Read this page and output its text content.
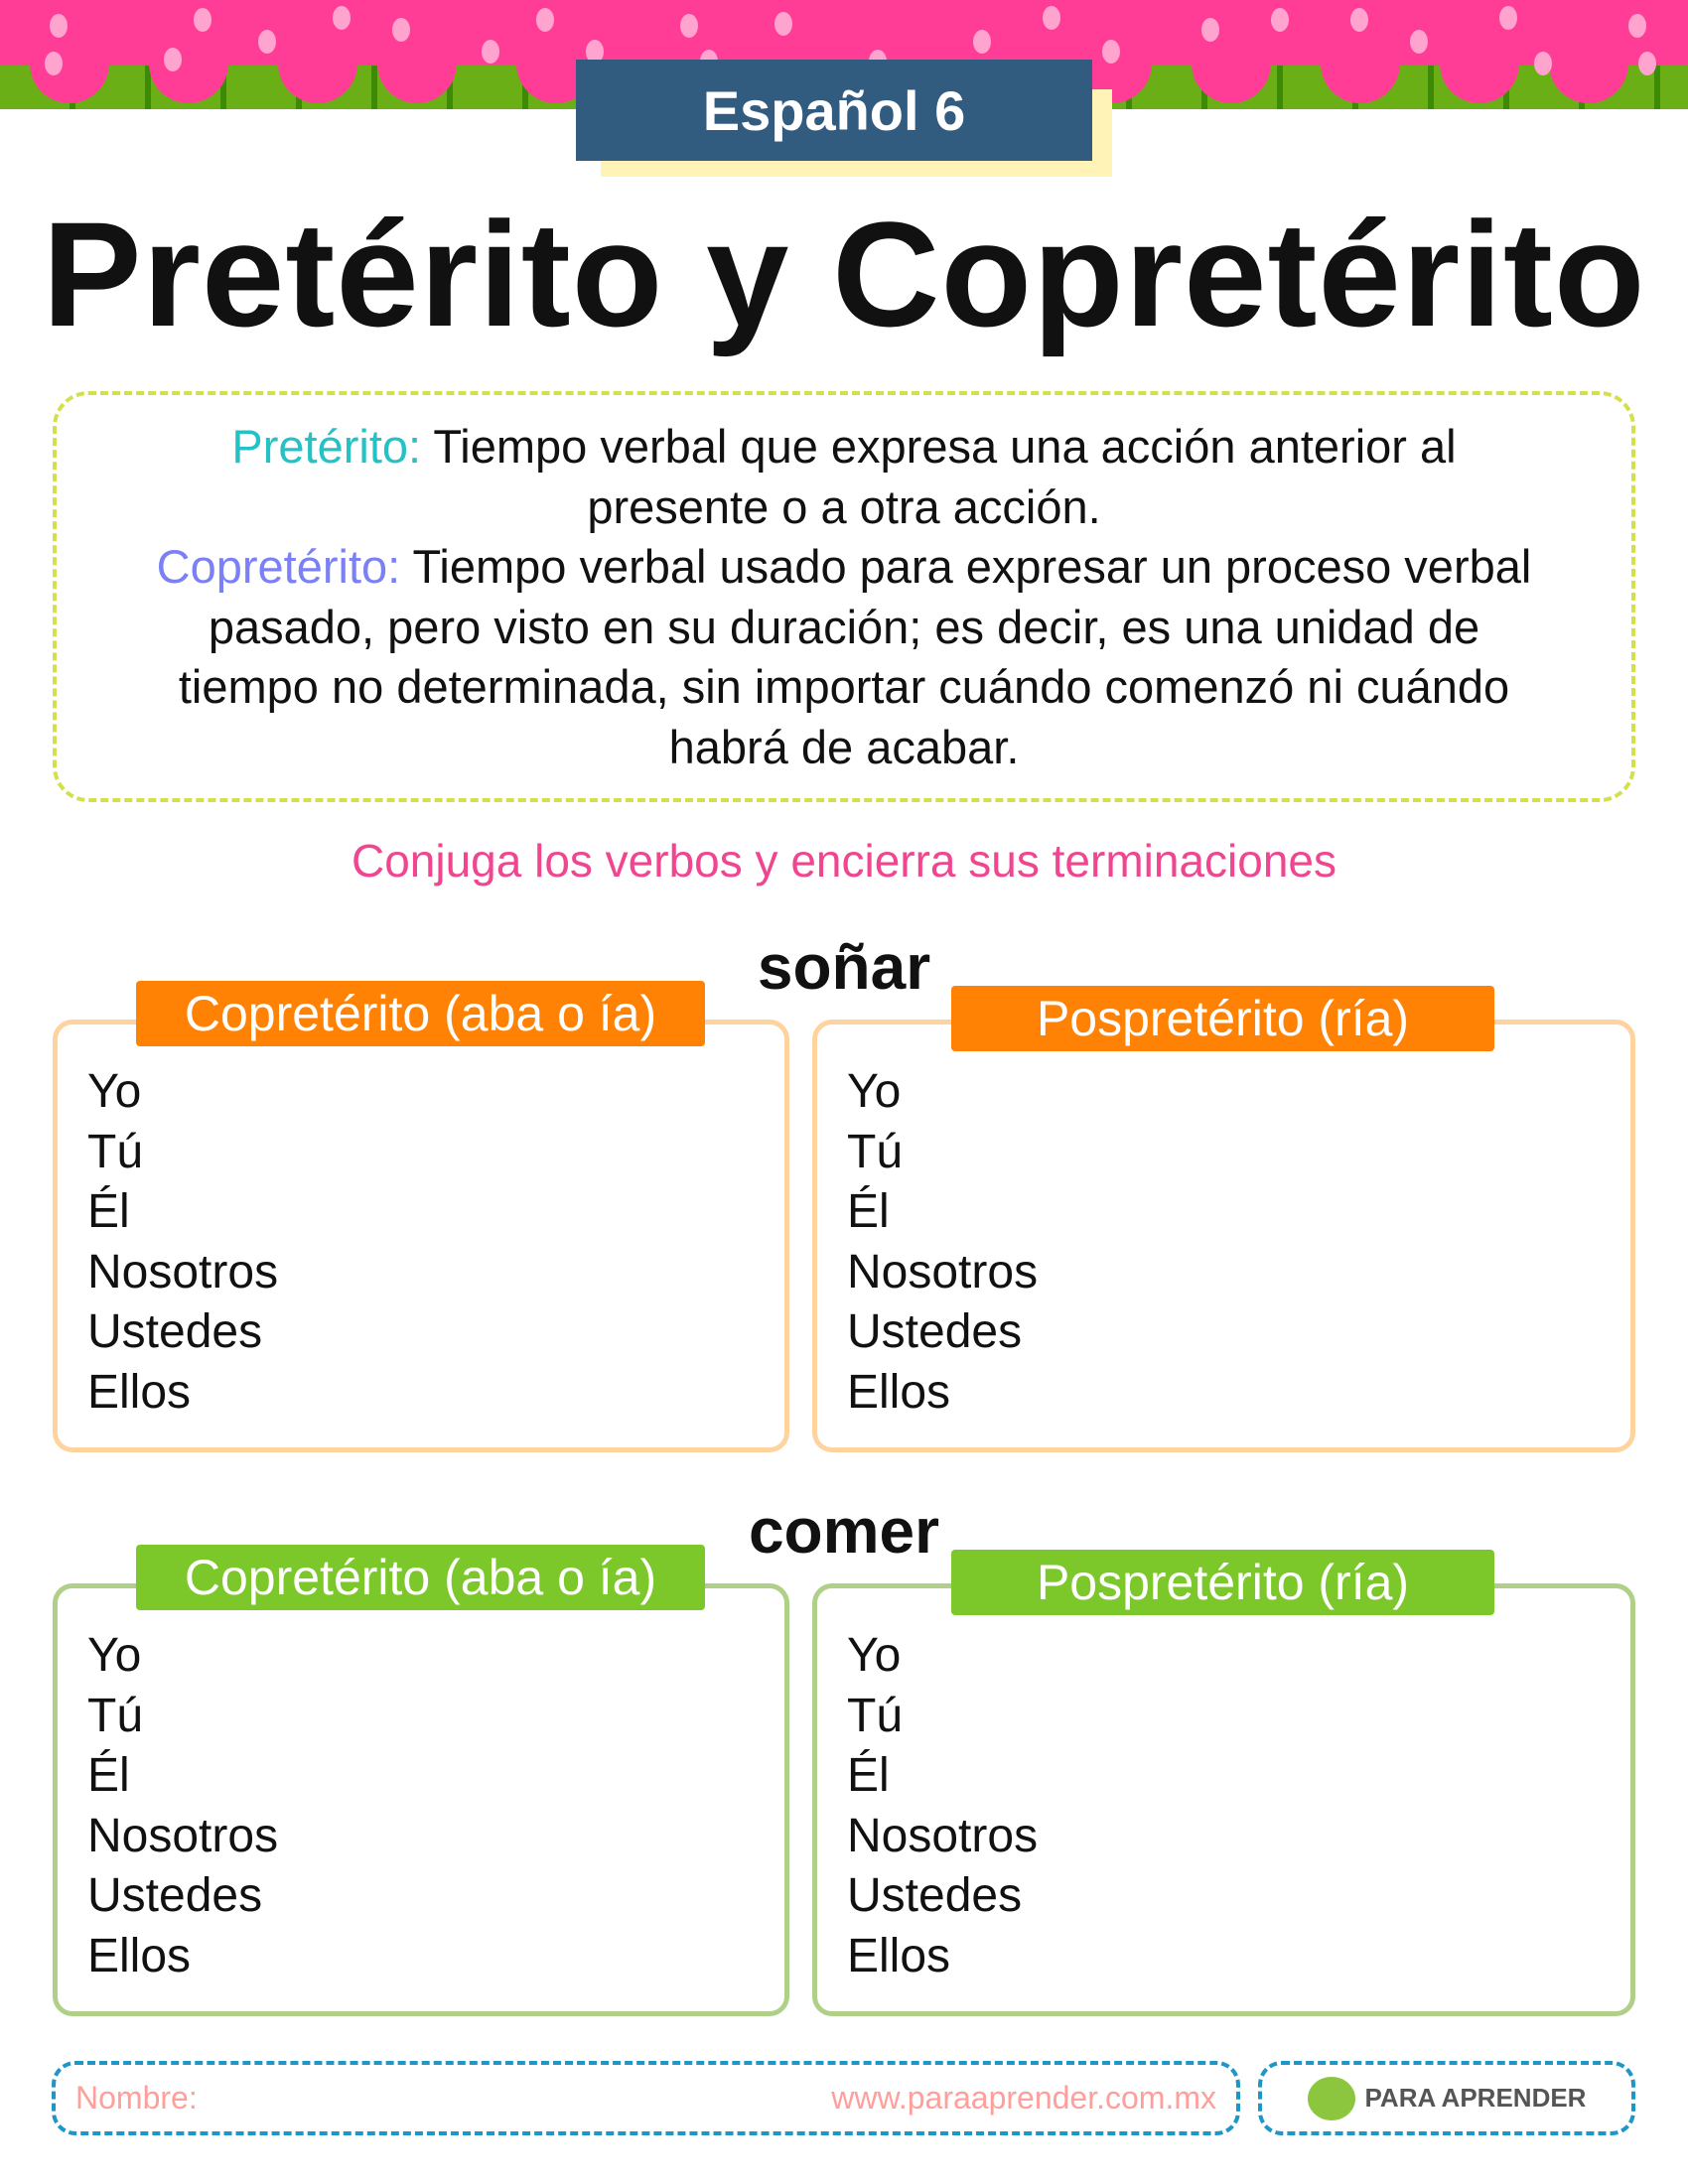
Español 6
Pretérito y Copretérito

Pretérito: Tiempo verbal que expresa una acción anterior al presente o a otra acción.

Copretérito: Tiempo verbal usado para expresar un proceso verbal pasado, pero visto en su duración; es decir, es una unidad de tiempo no determinada, sin importar cuándo comenzó ni cuándo habrá de acabar.

Conjuga los verbos y encierra sus terminaciones
soñar
Yo
Tú
Él
Nosotros
Ustedes
Ellos
Copretérito (aba o ía)
Yo
Tú
Él
Nosotros
Ustedes
Ellos
Pospretérito (ría)
comer
Yo
Tú
Él
Nosotros
Ustedes
Ellos
Copretérito (aba o ía)
Yo
Tú
Él
Nosotros
Ustedes
Ellos
Pospretérito (ría)
Nombre:	www.paraaprender.com.mx	PARA APRENDER
